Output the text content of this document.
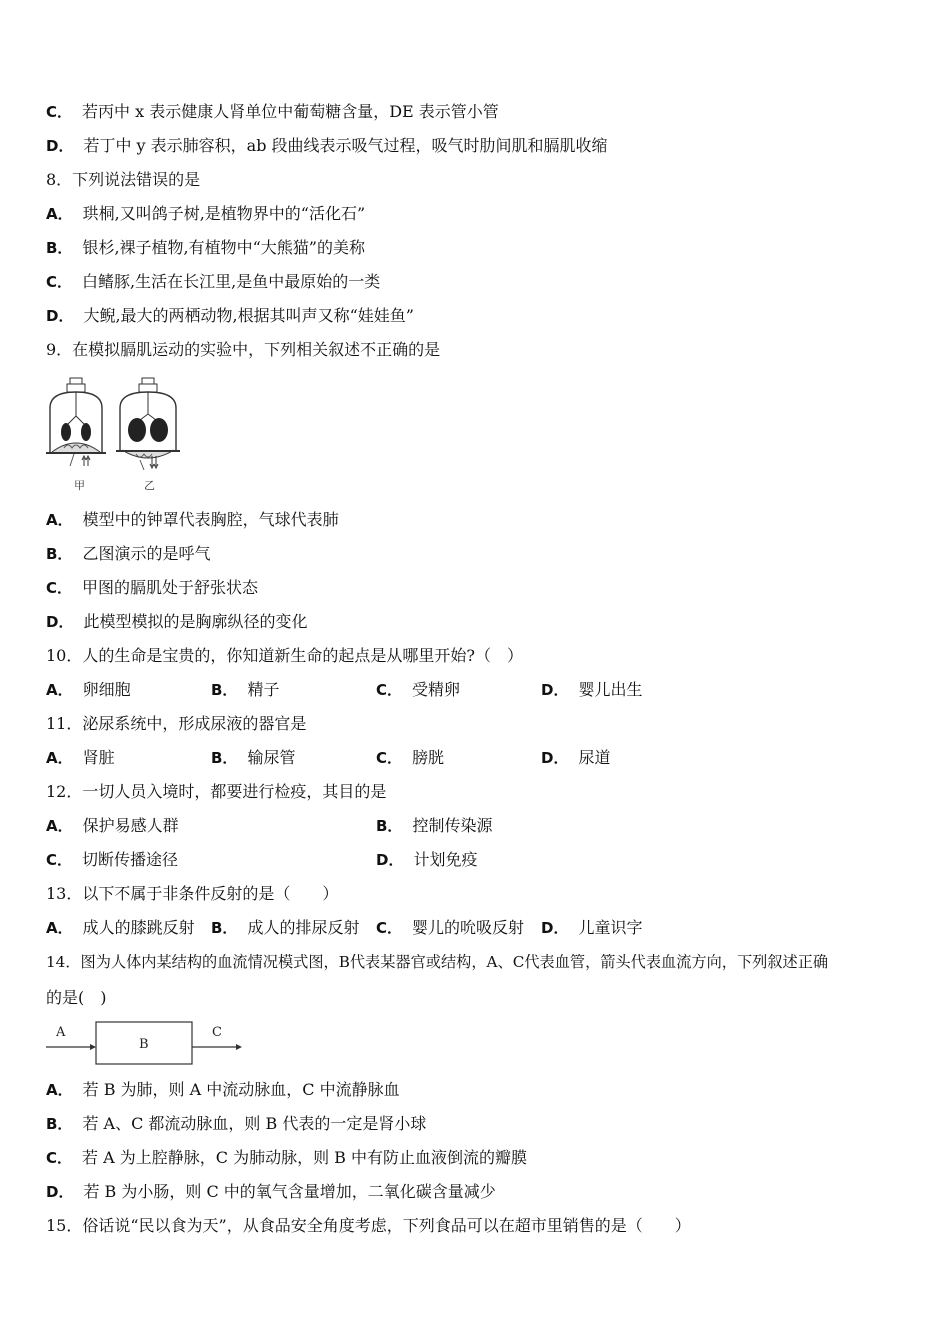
C． 若丙中 x 表示健康人肾单位中葡萄糖含量，DE 表示管小管
D． 若丁中 y 表示肺容积，ab 段曲线表示吸气过程，吸气时肋间肌和膈肌收缩
8．下列说法错误的是
A． 珙桐,又叫鸽子树,是植物界中的“活化石”
B． 银杉,裸子植物,有植物中“大熊猫”的美称
C． 白鳍豚,生活在长江里,是鱼中最原始的一类
D． 大鲵,最大的两栖动物,根据其叫声又称“娃娃鱼”
9．在模拟膈肌运动的实验中，下列相关叙述不正确的是
甲	乙
A． 模型中的钟罩代表胸腔，气球代表肺
B． 乙图演示的是呼气
C． 甲图的膈肌处于舒张状态
D． 此模型模拟的是胸廓纵径的变化
10．人的生命是宝贵的，你知道新生命的起点是从哪里开始?（　）
A． 卵细胞	B． 精子	C． 受精卵	D． 婴儿出生
11．泌尿系统中，形成尿液的器官是
A． 肾脏	B． 输尿管	C． 膀胱	D． 尿道
12．一切人员入境时，都要进行检疫，其目的是
A． 保护易感人群	B． 控制传染源
C． 切断传播途径	D． 计划免疫
13．以下不属于非条件反射的是（　　）
A． 成人的膝跳反射 B． 成人的排尿反射 C． 婴儿的吮吸反射 D． 儿童识字
14．图为人体内某结构的血流情况模式图，B代表某器官或结构，A、C代表血管，箭头代表血流方向，下列叙述正确
的是(　)
A
B
C
A． 若 B 为肺，则 A 中流动脉血，C 中流静脉血
B． 若 A、C 都流动脉血，则 B 代表的一定是肾小球
C． 若 A 为上腔静脉，C 为肺动脉，则 B 中有防止血液倒流的瓣膜
D． 若 B 为小肠，则 C 中的氧气含量增加，二氧化碳含量减少
15．俗话说“民以食为天”，从食品安全角度考虑，下列食品可以在超市里销售的是（　　）
